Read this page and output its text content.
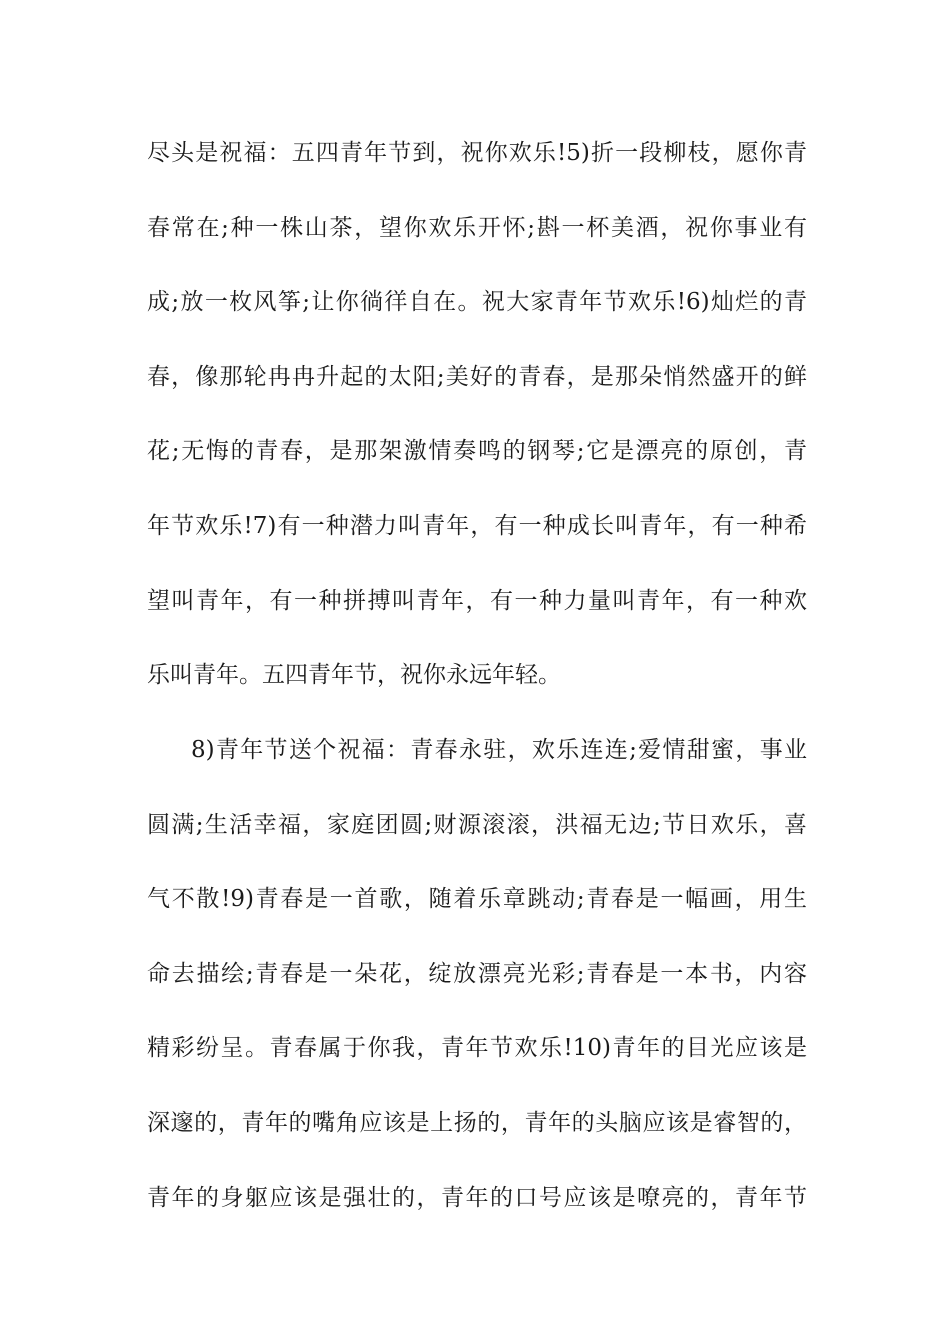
尽头是祝福：五四青年节到，祝你欢乐!5)折一段柳枝，愿你青
春常在;种一株山茶，望你欢乐开怀;斟一杯美酒，祝你事业有
成;放一枚风筝;让你徜徉自在。祝大家青年节欢乐!6)灿烂的青
春，像那轮冉冉升起的太阳;美好的青春，是那朵悄然盛开的鲜
花;无悔的青春，是那架激情奏鸣的钢琴;它是漂亮的原创，青
年节欢乐!7)有一种潜力叫青年，有一种成长叫青年，有一种希
望叫青年，有一种拼搏叫青年，有一种力量叫青年，有一种欢
乐叫青年。五四青年节，祝你永远年轻。
8)青年节送个祝福：青春永驻，欢乐连连;爱情甜蜜，事业
圆满;生活幸福，家庭团圆;财源滚滚，洪福无边;节日欢乐，喜
气不散!9)青春是一首歌，随着乐章跳动;青春是一幅画，用生
命去描绘;青春是一朵花，绽放漂亮光彩;青春是一本书，内容
精彩纷呈。青春属于你我，青年节欢乐!10)青年的目光应该是
深邃的，青年的嘴角应该是上扬的，青年的头脑应该是睿智的，
青年的身躯应该是强壮的，青年的口号应该是嘹亮的，青年节
